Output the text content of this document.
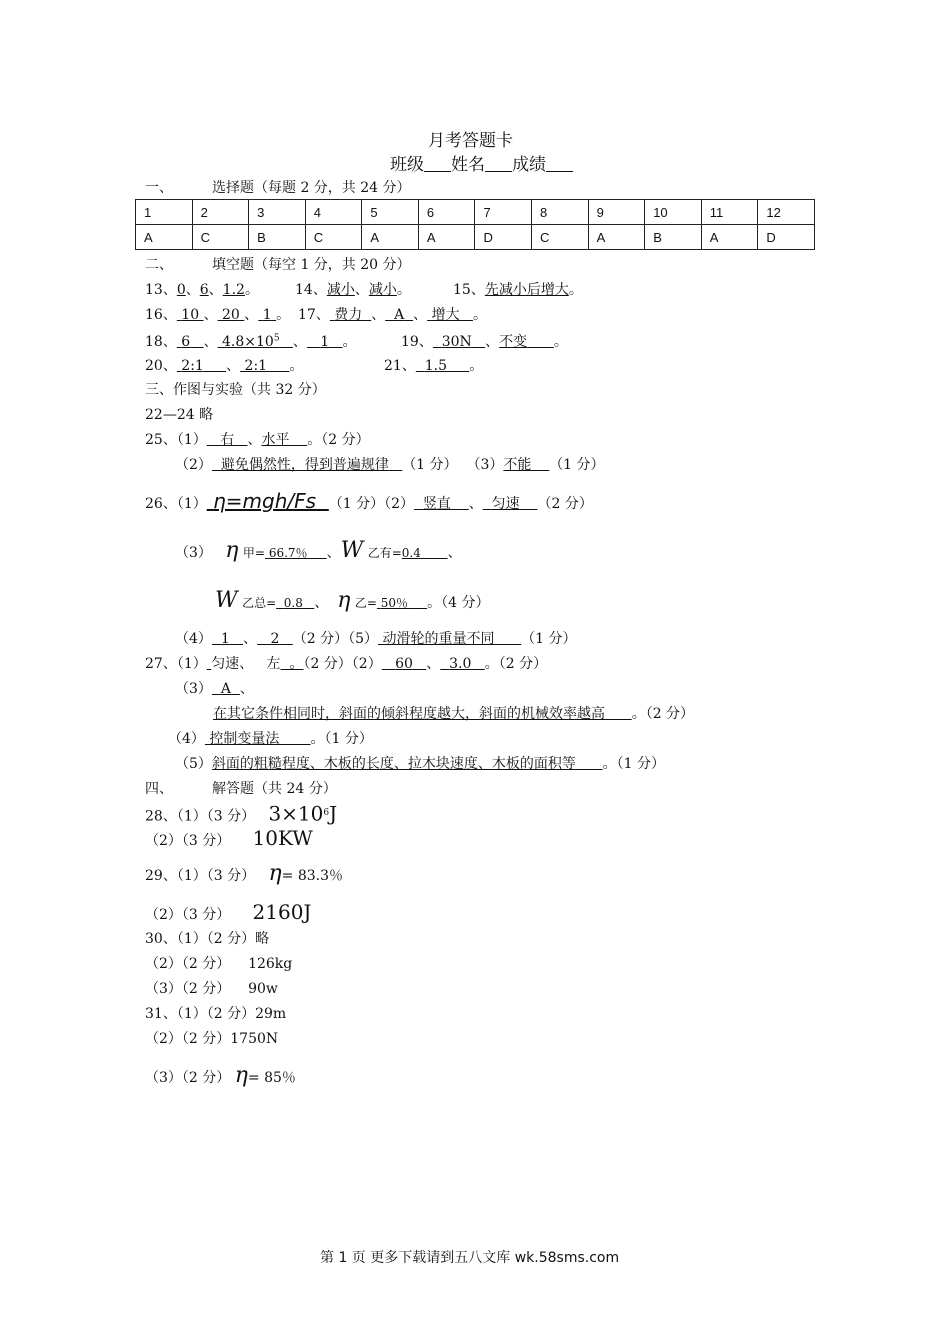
月考答题卡
班级 姓名 成绩
一、	选择题（每题 2 分，共 24 分）
1	2	3	4	5	6	7	8	9	10	11	12
A	C	B	C	A	A	D	C	A	B	A	D
二、	填空题（每空 1 分，共 20 分）
13、0、6、1.2。	14、减小、减小。	15、先减小后增大。
16、 10 、 20 、 1 。 17、 费力 、 A 、 增大 。
18、 6 、 $4.8\times 10^5$ 、 1 。	19、 30N 、不变 。
20、 2:1 、 2:1 。	21、 1.5 。
三、作图与实验（共 32 分）
22—24 略
25、（1） 右 、水平 。（2 分）
（2） 避免偶然性，得到普遍规律 （1 分） （3）不能 （1 分）
26、（1） η=mgh/Fs （1 分）（2） 竖直 、 匀速 （2 分）
（3） η 甲= 66.7％ 、W 乙有=0.4 、
W 乙总= 0.8 、  η 乙= 50％ 。（4 分）
（4） 1 、 2 （2 分）（5） 动滑轮的重量不同 （1 分）
27、（1） 匀速、   左  。（2 分）（2） 60 、 3.0 。（2 分）
（3） A 、
在其它条件相同时，斜面的倾斜程度越大，斜面的机械效率越高 。（2 分）
（4） 控制变量法 。（1 分）
（5）斜面的粗糙程度、木板的长度、拉木块速度、木板的面积等 。（1 分）
四、	解答题（共 24 分）
28、（1）（3 分） $3\times 10^6J$
（2）（3 分） 10KW
29、（1）（3 分） η= 83.3％
（2）（3 分） 2160J
30、（1）（2 分）略
（2）（2 分） 126kg
（3）（2 分） 90w
31、（1）（2 分）29m
（2）（2 分）1750N
（3）（2 分） η= 85％
第 1 页 更多下载请到五八文库 wk.58sms.com
